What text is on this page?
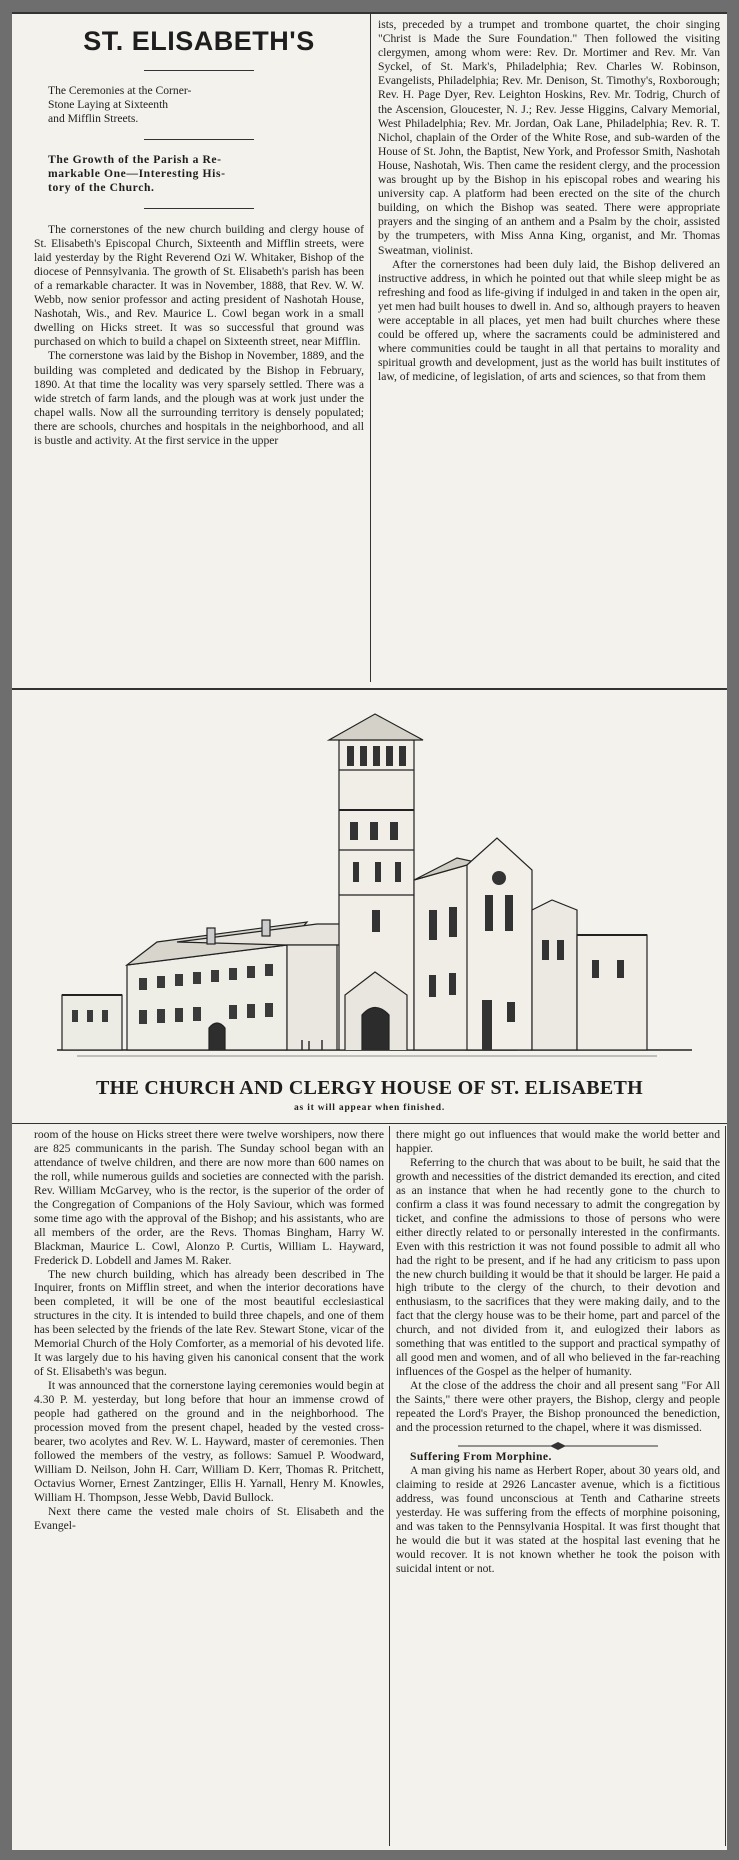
ST. ELISABETH'S

The Ceremonies at the Corner-

Stone Laying at Sixteenth

and Mifflin Streets.

The Growth of the Parish a Re-

markable One—Interesting His-

tory of the Church.

The cornerstones of the new church building and clergy house of St. Elisabeth's Episcopal Church, Sixteenth and Mifflin streets, were laid yesterday by the Right Reverend Ozi W. Whitaker, Bishop of the diocese of Pennsylvania. The growth of St. Elisabeth's parish has been of a remarkable character. It was in November, 1888, that Rev. W. W. Webb, now senior professor and acting president of Nashotah House, Nashotah, Wis., and Rev. Maurice L. Cowl began work in a small dwelling on Hicks street. It was so successful that ground was purchased on which to build a chapel on Sixteenth street, near Mifflin.

The cornerstone was laid by the Bishop in November, 1889, and the building was completed and dedicated by the Bishop in February, 1890. At that time the locality was very sparsely settled. There was a wide stretch of farm lands, and the plough was at work just under the chapel walls. Now all the surrounding territory is densely populated; there are schools, churches and hospitals in the neighborhood, and all is bustle and activity. At the first service in the upper

ists, preceded by a trumpet and trombone quartet, the choir singing "Christ is Made the Sure Foundation." Then followed the visiting clergymen, among whom were: Rev. Dr. Mortimer and Rev. Mr. Van Syckel, of St. Mark's, Philadelphia; Rev. Charles W. Robinson, Evangelists, Philadelphia; Rev. Mr. Denison, St. Timothy's, Roxborough; Rev. H. Page Dyer, Rev. Leighton Hoskins, Rev. Mr. Todrig, Church of the Ascension, Gloucester, N. J.; Rev. Jesse Higgins, Calvary Memorial, West Philadelphia; Rev. Mr. Jordan, Oak Lane, Philadelphia; Rev. R. T. Nichol, chaplain of the Order of the White Rose, and sub-warden of the House of St. John, the Baptist, New York, and Professor Smith, Nashotah House, Nashotah, Wis. Then came the resident clergy, and the procession was brought up by the Bishop in his episcopal robes and wearing his university cap. A platform had been erected on the site of the church building, on which the Bishop was seated. There were appropriate prayers and the singing of an anthem and a Psalm by the choir, assisted by the trumpeters, with Miss Anna King, organist, and Mr. Thomas Sweatman, violinist.

After the cornerstones had been duly laid, the Bishop delivered an instructive address, in which he pointed out that while sleep might be as refreshing and food as life-giving if indulged in and taken in the open air, yet men had built houses to dwell in. And so, although prayers to heaven were acceptable in all places, yet men had built churches where these could be offered up, where the sacraments could be administered and where communities could be taught in all that pertains to morality and spiritual growth and development, just as the world has built institutes of law, of medicine, of legislation, of arts and sciences, so that from them

THE CHURCH AND CLERGY HOUSE OF ST. ELISABETH
as it will appear when finished.

room of the house on Hicks street there were twelve worshipers, now there are 825 communicants in the parish. The Sunday school began with an attendance of twelve children, and there are now more than 600 names on the roll, while numerous guilds and societies are connected with the parish. Rev. William McGarvey, who is the rector, is the superior of the order of the Congregation of Companions of the Holy Saviour, which was formed some time ago with the approval of the Bishop; and his assistants, who are all members of the order, are the Revs. Thomas Bingham, Harry W. Blackman, Maurice L. Cowl, Alonzo P. Curtis, William L. Hayward, Frederick D. Lobdell and James M. Raker.

The new church building, which has already been described in The Inquirer, fronts on Mifflin street, and when the interior decorations have been completed, it will be one of the most beautiful ecclesiastical structures in the city. It is intended to build three chapels, and one of them has been selected by the friends of the late Rev. Stewart Stone, vicar of the Memorial Church of the Holy Comforter, as a memorial of his devoted life. It was largely due to his having given his canonical consent that the work of St. Elisabeth's was begun.

It was announced that the cornerstone laying ceremonies would begin at 4.30 P. M. yesterday, but long before that hour an immense crowd of people had gathered on the ground and in the neighborhood. The procession moved from the present chapel, headed by the vested cross-bearer, two acolytes and Rev. W. L. Hayward, master of ceremonies. Then followed the members of the vestry, as follows: Samuel P. Woodward, William D. Neilson, John H. Carr, William D. Kerr, Thomas R. Pritchett, Octavius Worner, Ernest Zantzinger, Ellis H. Yarnall, Henry M. Knowles, William H. Thompson, Jesse Webb, David Bullock.

Next there came the vested male choirs of St. Elisabeth and the Evangel-

there might go out influences that would make the world better and happier.

Referring to the church that was about to be built, he said that the growth and necessities of the district demanded its erection, and cited as an instance that when he had recently gone to the church to confirm a class it was found necessary to admit the congregation by ticket, and confine the admissions to those of persons who were either directly related to or personally interested in the confirmants. Even with this restriction it was not found possible to admit all who had the right to be present, and if he had any criticism to pass upon the new church building it would be that it should be larger. He paid a high tribute to the clergy of the church, to their devotion and enthusiasm, to the sacrifices that they were making daily, and to the fact that the clergy house was to be their home, part and parcel of the church, and not divided from it, and eulogized their labors as something that was entitled to the support and practical sympathy of all good men and women, and of all who believed in the far-reaching influences of the Gospel as the helper of humanity.

At the close of the address the choir and all present sang "For All the Saints," there were other prayers, the Bishop, clergy and people repeated the Lord's Prayer, the Bishop pronounced the benediction, and the procession returned to the chapel, where it was dismissed.

Suffering From Morphine.

A man giving his name as Herbert Roper, about 30 years old, and claiming to reside at 2926 Lancaster avenue, which is a fictitious address, was found unconscious at Tenth and Catharine streets yesterday. He was suffering from the effects of morphine poisoning, and was taken to the Pennsylvania Hospital. It was first thought that he would die but it was stated at the hospital last evening that he would recover. It is not known whether he took the poison with suicidal intent or not.
